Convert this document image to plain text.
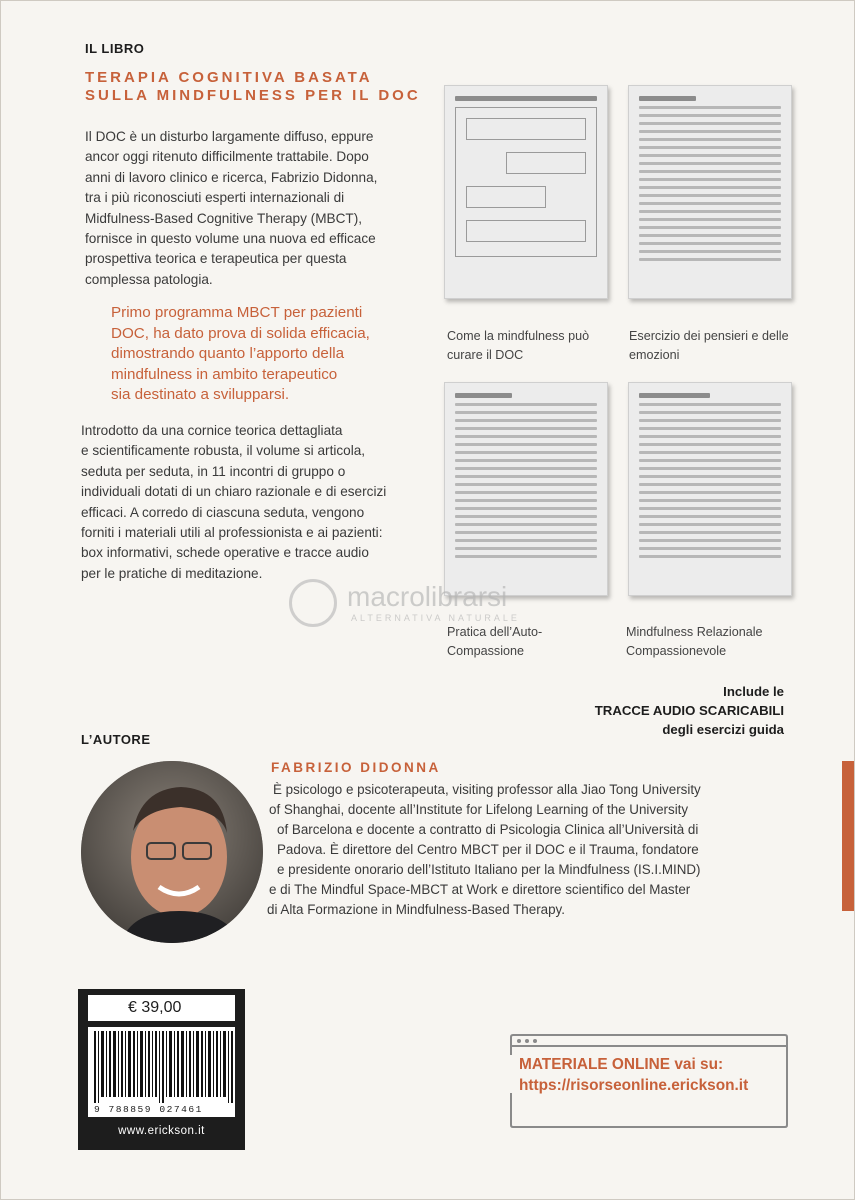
IL LIBRO
TERAPIA COGNITIVA BASATA SULLA MINDFULNESS PER IL DOC
Il DOC è un disturbo largamente diffuso, eppure
ancor oggi ritenuto difficilmente trattabile. Dopo
anni di lavoro clinico e ricerca, Fabrizio Didonna,
tra i più riconosciuti esperti internazionali di
Midfulness-Based Cognitive Therapy (MBCT),
fornisce in questo volume una nuova ed efficace
prospettiva teorica e terapeutica per questa
complessa patologia.
Primo programma MBCT per pazienti
DOC, ha dato prova di solida efficacia,
dimostrando quanto l’apporto della
mindfulness in ambito terapeutico
sia destinato a svilupparsi.
Introdotto da una cornice teorica dettagliata
e scientificamente robusta, il volume si articola,
seduta per seduta, in 11 incontri di gruppo o
individuali dotati di un chiaro razionale e di esercizi
efficaci. A corredo di ciascuna seduta, vengono
forniti i materiali utili al professionista e ai pazienti:
box informativi, schede operative e tracce audio
per le pratiche di meditazione.
Come la mindfulness può
curare il DOC
Esercizio dei pensieri e delle
emozioni
Pratica dell’Auto-
Compassione
Mindfulness Relazionale
Compassionevole
macrolibrarsi
ALTERNATIVA NATURALE
Include le
TRACCE AUDIO SCARICABILI
degli esercizi guida
L’AUTORE
FABRIZIO DIDONNA
È psicologo e psicoterapeuta, visiting professor alla Jiao Tong University
of Shanghai, docente all’Institute for Lifelong Learning of the University
of Barcelona e docente a contratto di Psicologia Clinica all’Università di
Padova. È direttore del Centro MBCT per il DOC e il Trauma, fondatore
e presidente onorario dell’Istituto Italiano per la Mindfulness (IS.I.MIND)
e di The Mindful Space-MBCT at Work e direttore scientifico del Master
di Alta Formazione in Mindfulness-Based Therapy.
€ 39,00
9 788859 027461
www.erickson.it
MATERIALE ONLINE vai su:
https://risorseonline.erickson.it
